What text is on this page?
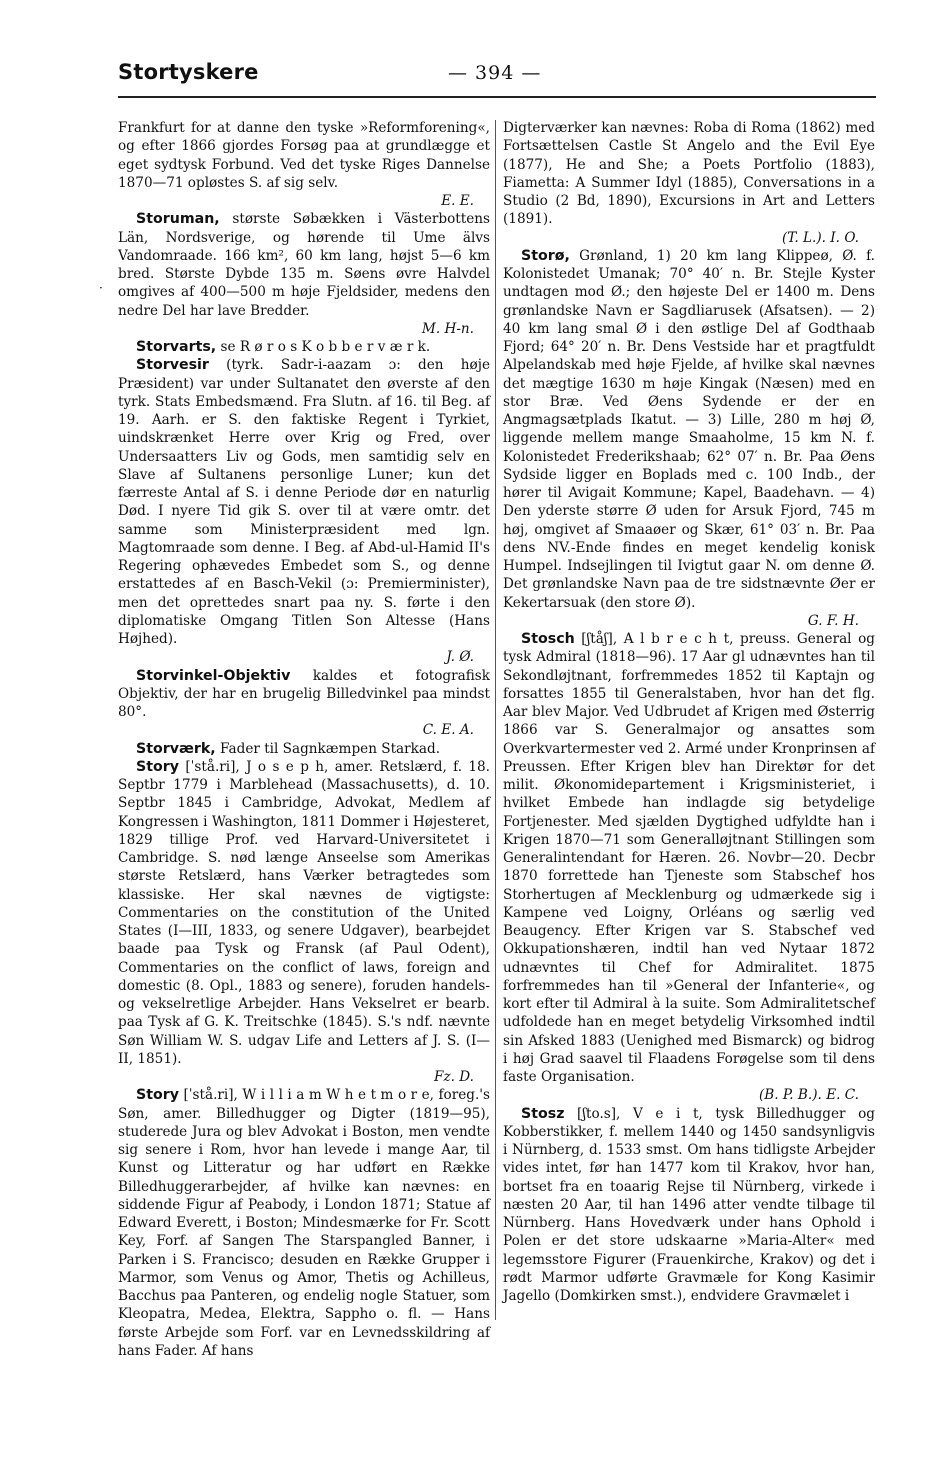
Stortyskere	— 394 —
·

Frankfurt for at danne den tyske »Reformforening«, og efter 1866 gjordes Forsøg paa at grundlægge et eget sydtysk Forbund. Ved det tyske Riges Dannelse 1870—71 opløstes S. af sig selv.
E. E.

Storuman, største Søbækken i Västerbottens Län, Nordsverige, og hørende til Ume älvs Vandomraade. 166 km², 60 km lang, højst 5—6 km bred. Største Dybde 135 m. Søens øvre Halvdel omgives af 400—500 m høje Fjeldsider, medens den nedre Del har lave Bredder.
M. H-n.

Storvarts, se R ø r o s K o b b e r v æ r k.

Storvesir (tyrk. Sadr-i-aazam ɔ: den høje Præsident) var under Sultanatet den øverste af den tyrk. Stats Embedsmænd. Fra Slutn. af 16. til Beg. af 19. Aarh. er S. den faktiske Regent i Tyrkiet, uindskrænket Herre over Krig og Fred, over Undersaatters Liv og Gods, men samtidig selv en Slave af Sultanens personlige Luner; kun det færreste Antal af S. i denne Periode dør en naturlig Død. I nyere Tid gik S. over til at være omtr. det samme som Ministerpræsident med lgn. Magtomraade som denne. I Beg. af Abd-ul-Hamid II's Regering ophævedes Embedet som S., og denne erstattedes af en Basch-Vekil (ɔ: Premierminister), men det oprettedes snart paa ny. S. førte i den diplomatiske Omgang Titlen Son Altesse (Hans Højhed).
J. Ø.

Storvinkel-Objektiv kaldes et fotografisk Objektiv, der har en brugelig Billedvinkel paa mindst 80°.
C. E. A.

Storværk, Fader til Sagnkæmpen Starkad.

Story [ˈstå.ri], J o s e p h, amer. Retslærd, f. 18. Septbr 1779 i Marblehead (Massachusetts), d. 10. Septbr 1845 i Cambridge, Advokat, Medlem af Kongressen i Washington, 1811 Dommer i Højesteret, 1829 tillige Prof. ved Harvard-Universitetet i Cambridge. S. nød længe Anseelse som Amerikas største Retslærd, hans Værker betragtedes som klassiske. Her skal nævnes de vigtigste: Commentaries on the constitution of the United States (I—III, 1833, og senere Udgaver), bearbejdet baade paa Tysk og Fransk (af Paul Odent), Commentaries on the conflict of laws, foreign and domestic (8. Opl., 1883 og senere), foruden handels- og vekselretlige Arbejder. Hans Vekselret er bearb. paa Tysk af G. K. Treitschke (1845). S.'s ndf. nævnte Søn William W. S. udgav Life and Letters af J. S. (I—II, 1851).
Fz. D.

Story [ˈstå.ri], W i l l i a m W h e t m o r e, foreg.'s Søn, amer. Billedhugger og Digter (1819—95), studerede Jura og blev Advokat i Boston, men vendte sig senere i Rom, hvor han levede i mange Aar, til Kunst og Litteratur og har udført en Række Billedhuggerarbejder, af hvilke kan nævnes: en siddende Figur af Peabody, i London 1871; Statue af Edward Everett, i Boston; Mindesmærke for Fr. Scott Key, Forf. af Sangen The Starspangled Banner, i Parken i S. Francisco; desuden en Række Grupper i Marmor, som Venus og Amor, Thetis og Achilleus, Bacchus paa Panteren, og endelig nogle Statuer, som Kleopatra, Medea, Elektra, Sappho o. fl. — Hans første Arbejde som Forf. var en Levnedsskildring af hans Fader. Af hans

Digterværker kan nævnes: Roba di Roma (1862) med Fortsættelsen Castle St Angelo and the Evil Eye (1877), He and She; a Poets Portfolio (1883), Fiametta: A Summer Idyl (1885), Conversations in a Studio (2 Bd, 1890), Excursions in Art and Letters (1891).
(T. L.). I. O.

Storø, Grønland, 1) 20 km lang Klippeø, Ø. f. Kolonistedet Umanak; 70° 40′ n. Br. Stejle Kyster undtagen mod Ø.; den højeste Del er 1400 m. Dens grønlandske Navn er Sagdliarusek (Afsatsen). — 2) 40 km lang smal Ø i den østlige Del af Godthaab Fjord; 64° 20′ n. Br. Dens Vestside har et pragtfuldt Alpelandskab med høje Fjelde, af hvilke skal nævnes det mægtige 1630 m høje Kingak (Næsen) med en stor Bræ. Ved Øens Sydende er der en Angmagsætplads Ikatut. — 3) Lille, 280 m høj Ø, liggende mellem mange Smaaholme, 15 km N. f. Kolonistedet Frederikshaab; 62° 07′ n. Br. Paa Øens Sydside ligger en Boplads med c. 100 Indb., der hører til Avigait Kommune; Kapel, Baadehavn. — 4) Den yderste større Ø uden for Arsuk Fjord, 745 m høj, omgivet af Smaaøer og Skær, 61° 03′ n. Br. Paa dens NV.-Ende findes en meget kendelig konisk Humpel. Indsejlingen til Ivigtut gaar N. om denne Ø. Det grønlandske Navn paa de tre sidstnævnte Øer er Kekertarsuak (den store Ø).
G. F. H.

Stosch [ʃtåʃ], A l b r e c h t, preuss. General og tysk Admiral (1818—96). 17 Aar gl udnævntes han til Sekondløjtnant, forfremmedes 1852 til Kaptajn og forsattes 1855 til Generalstaben, hvor han det flg. Aar blev Major. Ved Udbrudet af Krigen med Østerrig 1866 var S. Generalmajor og ansattes som Overkvartermester ved 2. Armé under Kronprinsen af Preussen. Efter Krigen blev han Direktør for det milit. Økonomidepartement i Krigsministeriet, i hvilket Embede han indlagde sig betydelige Fortjenester. Med sjælden Dygtighed udfyldte han i Krigen 1870—71 som Generalløjtnant Stillingen som Generalintendant for Hæren. 26. Novbr—20. Decbr 1870 forrettede han Tjeneste som Stabschef hos Storhertugen af Mecklenburg og udmærkede sig i Kampene ved Loigny, Orléans og særlig ved Beaugency. Efter Krigen var S. Stabschef ved Okkupationshæren, indtil han ved Nytaar 1872 udnævntes til Chef for Admiralitet. 1875 forfremmedes han til »General der Infanterie«, og kort efter til Admiral à la suite. Som Admiralitetschef udfoldede han en meget betydelig Virksomhed indtil sin Afsked 1883 (Uenighed med Bismarck) og bidrog i høj Grad saavel til Flaadens Forøgelse som til dens faste Organisation.
(B. P. B.). E. C.

Stosz [ʃto.s], V e i t, tysk Billedhugger og Kobberstikker, f. mellem 1440 og 1450 sandsynligvis i Nürnberg, d. 1533 smst. Om hans tidligste Arbejder vides intet, før han 1477 kom til Krakov, hvor han, bortset fra en toaarig Rejse til Nürnberg, virkede i næsten 20 Aar, til han 1496 atter vendte tilbage til Nürnberg. Hans Hovedværk under hans Ophold i Polen er det store udskaarne »Maria-Alter« med legemsstore Figurer (Frauenkirche, Krakov) og det i rødt Marmor udførte Gravmæle for Kong Kasimir Jagello (Domkirken smst.), endvidere Gravmælet i
